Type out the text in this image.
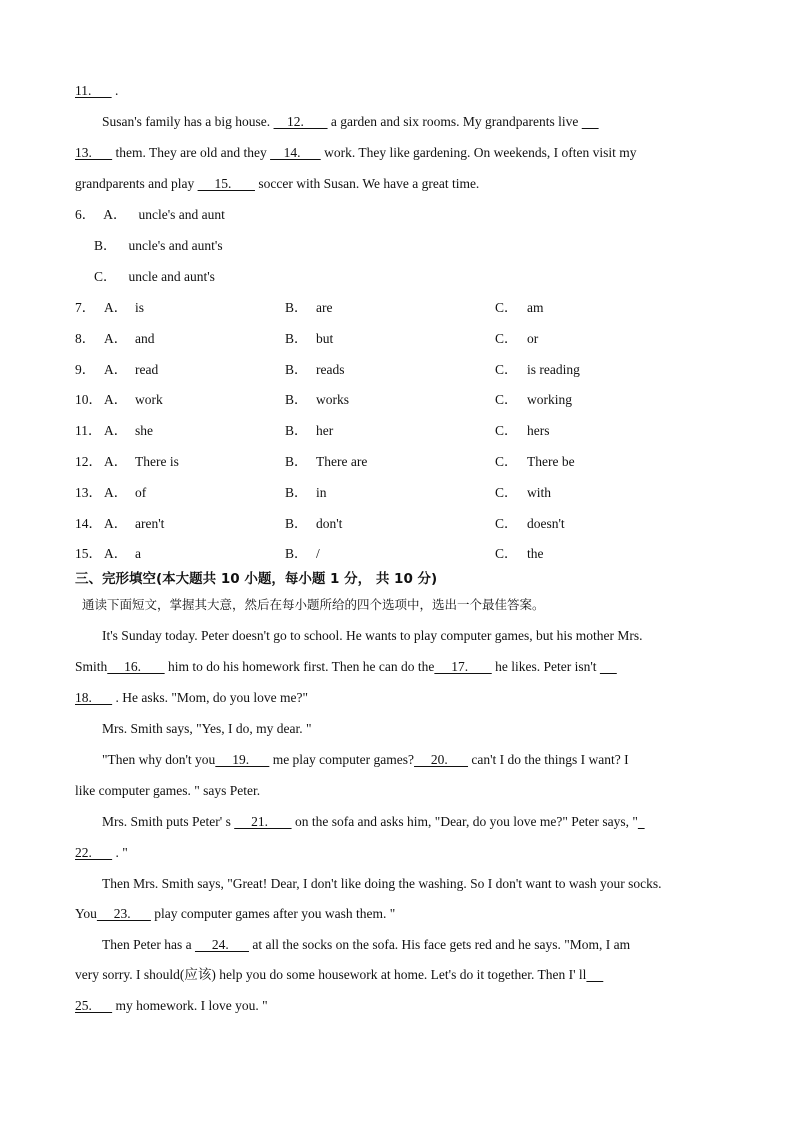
11.       .
Susan's family has a big house.     12.        a garden and six rooms. My grandparents live
13.       them. They are old and they     14.       work. They like gardening. On weekends, I often visit my
grandparents and play      15.        soccer with Susan. We have a great time.
6． A． uncle's and aunt
B． uncle's and aunt's
C． uncle and aunt's
7． A． is	B． are	C． am
8． A． and	B． but	C． or
9． A． read	B． reads	C． is reading
10． A． work	B． works	C． working
11． A． she	B． her	C． hers
12． A． There is	B． There are	C． There be
13． A． of	B． in	C． with
14． A． aren't	B． don't	C． doesn't
15． A． a	B． /	C． the
三、完形填空(本大题共 10 小题，每小题 1 分， 共 10 分)
通读下面短文，掌握其大意，然后在每小题所给的四个选项中，选出一个最佳答案。
It's Sunday today. Peter doesn't go to school. He wants to play computer games, but his mother Mrs.
Smith     16.        him to do his homework first. Then he can do the     17.        he likes. Peter isn't
18.       . He asks. "Mom, do you love me?"
Mrs. Smith says, "Yes, I do, my dear. "
"Then why don't you     19.       me play computer games?     20.       can't I do the things I want? I
like computer games. " says Peter.
Mrs. Smith puts Peter' s      21.        on the sofa and asks him, "Dear, do you love me?" Peter says, "
22.       . "
Then Mrs. Smith says, "Great! Dear, I don't like doing the washing. So I don't want to wash your socks.
You     23.       play computer games after you wash them. "
Then Peter has a      24.       at all the socks on the sofa. His face gets red and he says. "Mom, I am
very sorry. I should(应该) help you do some housework at home. Let's do it together. Then I' ll
25.       my homework. I love you. "
